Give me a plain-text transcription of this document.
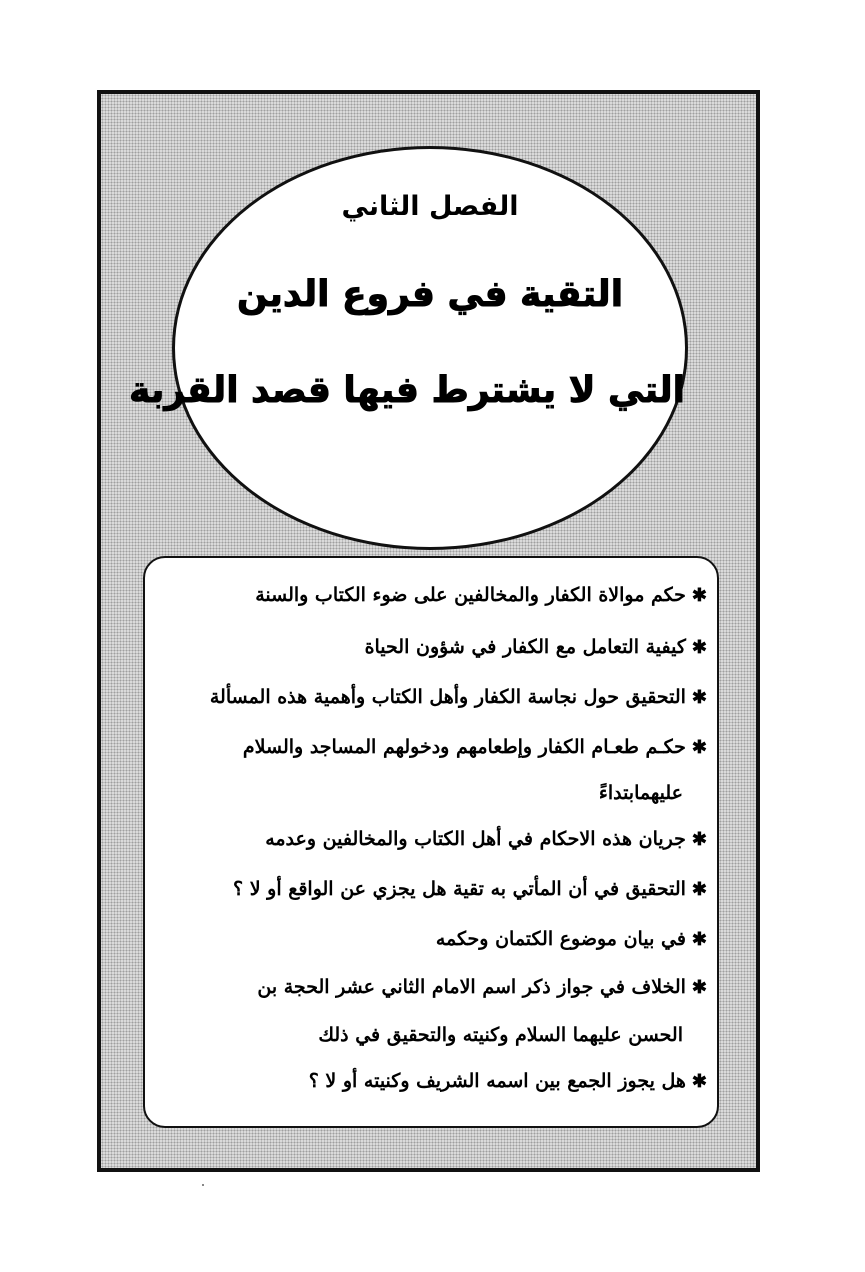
الفصل الثاني
التقية في فروع الدين
التي لا يشترط فيها قصد القربة
✱حكم موالاة الكفار والمخالفين على ضوء الكتاب والسنة
✱كيفية التعامل مع الكفار في شؤون الحياة
✱التحقيق حول نجاسة الكفار وأهل الكتاب وأهمية هذه المسألة
✱حكـم طعـام الكفار وإطعامهم ودخولهم المساجد والسلام
عليهمابتداءً
✱جريان هذه الاحكام في أهل الكتاب والمخالفين وعدمه
✱التحقيق في أن المأتي به تقية هل يجزي عن الواقع أو لا ؟
✱في بيان موضوع الكتمان وحكمه
✱الخلاف في جواز ذكر اسم الامام الثاني عشر الحجة بن
الحسن عليهما السلام وكنيته والتحقيق في ذلك
✱هل يجوز الجمع بين اسمه الشريف وكنيته أو لا ؟
